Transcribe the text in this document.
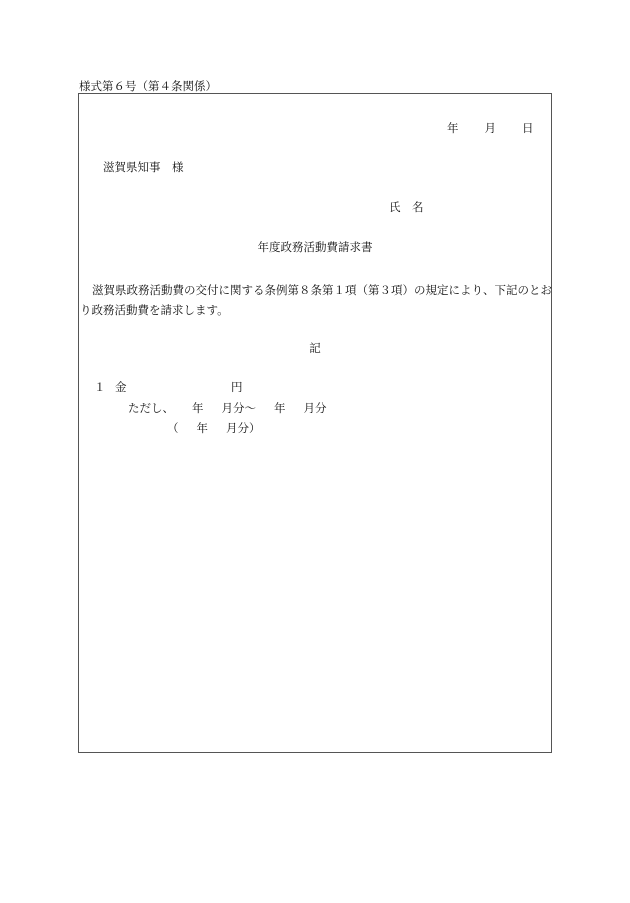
様式第６号（第４条関係）
年 月 日
滋賀県知事　様
氏　名
年度政務活動費請求書
滋賀県政務活動費の交付に関する条例第８条第１項（第３項）の規定により、下記のとおり政務活動費を請求します。
記
１ 金	円
ただし、 年 月分～ 年 月分
（ 年 月分）
